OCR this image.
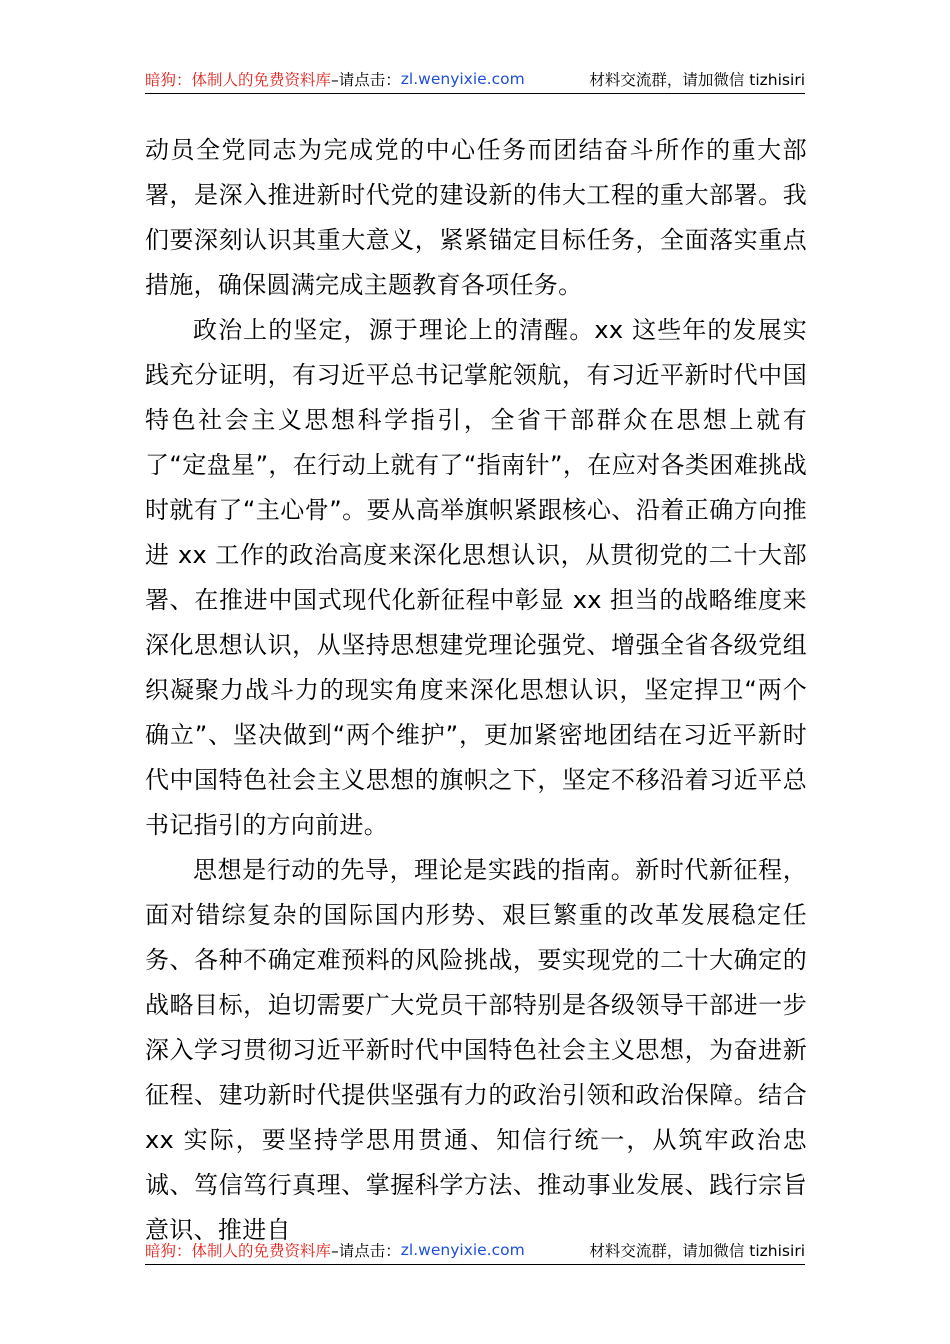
暗狗：体制人的免费资料库 –请点击： zl.wenyixie.com	材料交流群，请加微信 tizhisiri

动员全党同志为完成党的中心任务而团结奋斗所作的重大部署，是深入推进新时代党的建设新的伟大工程的重大部署。我们要深刻认识其重大意义，紧紧锚定目标任务，全面落实重点措施，确保圆满完成主题教育各项任务。

政治上的坚定，源于理论上的清醒。xx 这些年的发展实践充分证明，有习近平总书记掌舵领航，有习近平新时代中国特色社会主义思想科学指引，全省干部群众在思想上就有了“定盘星”，在行动上就有了“指南针”，在应对各类困难挑战时就有了“主心骨”。要从高举旗帜紧跟核心、沿着正确方向推进 xx 工作的政治高度来深化思想认识，从贯彻党的二十大部署、在推进中国式现代化新征程中彰显 xx 担当的战略维度来深化思想认识，从坚持思想建党理论强党、增强全省各级党组织凝聚力战斗力的现实角度来深化思想认识，坚定捍卫“两个确立”、坚决做到“两个维护”，更加紧密地团结在习近平新时代中国特色社会主义思想的旗帜之下，坚定不移沿着习近平总书记指引的方向前进。

思想是行动的先导，理论是实践的指南。新时代新征程，面对错综复杂的国际国内形势、艰巨繁重的改革发展稳定任务、各种不确定难预料的风险挑战，要实现党的二十大确定的战略目标，迫切需要广大党员干部特别是各级领导干部进一步深入学习贯彻习近平新时代中国特色社会主义思想，为奋进新征程、建功新时代提供坚强有力的政治引领和政治保障。结合 xx 实际，要坚持学思用贯通、知信行统一，从筑牢政治忠诚、笃信笃行真理、掌握科学方法、推动事业发展、践行宗旨意识、推进自

暗狗：体制人的免费资料库 –请点击： zl.wenyixie.com	材料交流群，请加微信 tizhisiri
